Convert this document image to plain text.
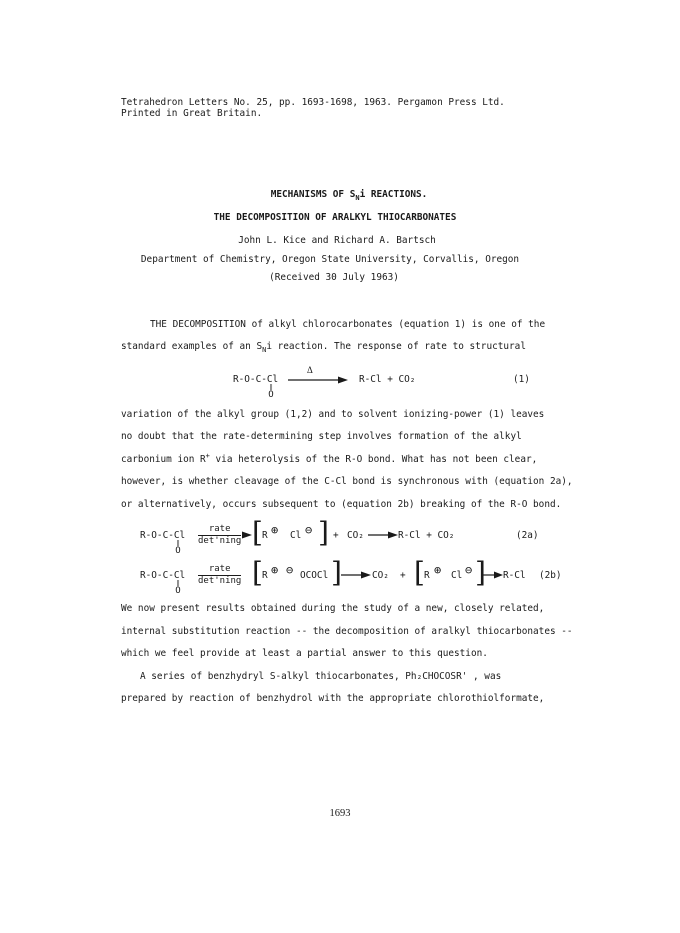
Tetrahedron Letters No. 25, pp. 1693-1698, 1963. Pergamon Press Ltd.
Printed in Great Britain.
MECHANISMS OF $S_Ni$ REACTIONS.
THE DECOMPOSITION OF ARALKYL THIOCARBONATES
John L. Kice and Richard A. Bartsch
Department of Chemistry, Oregon State University, Corvallis, Oregon
(Received 30 July 1963)
THE DECOMPOSITION of alkyl chlorocarbonates (equation 1) is one of the
standard examples of an $S_Ni$ reaction. The response of rate to structural
R-O-C-Cl
‖
O
Δ
R-Cl + CO₂	(1)
variation of the alkyl group (1,2) and to solvent ionizing-power (1) leaves
no doubt that the rate-determining step involves formation of the alkyl
carbonium ion R+ via heterolysis of the R-O bond. What has not been clear,
however, is whether cleavage of the C-Cl bond is synchronous with (equation 2a),
or alternatively, occurs subsequent to (equation 2b) breaking of the R-O bond.
R-O-C-Cl
‖
O
rate
det'ning [ R ⊕ Cl ⊖ ] + CO₂	R-Cl + CO₂	(2a)
R-O-C-Cl
‖
O
rate
det'ning [ R ⊕ ⊖ OCOCl ]	CO₂ + [ R ⊕ Cl ⊖ ] R-Cl (2b)
We now present results obtained during the study of a new, closely related,
internal substitution reaction -- the decomposition of aralkyl thiocarbonates --
which we feel provide at least a partial answer to this question.
A series of benzhydryl S-alkyl thiocarbonates, Ph₂CHOCOSR' , was
prepared by reaction of benzhydrol with the appropriate chlorothiolformate,
1693
